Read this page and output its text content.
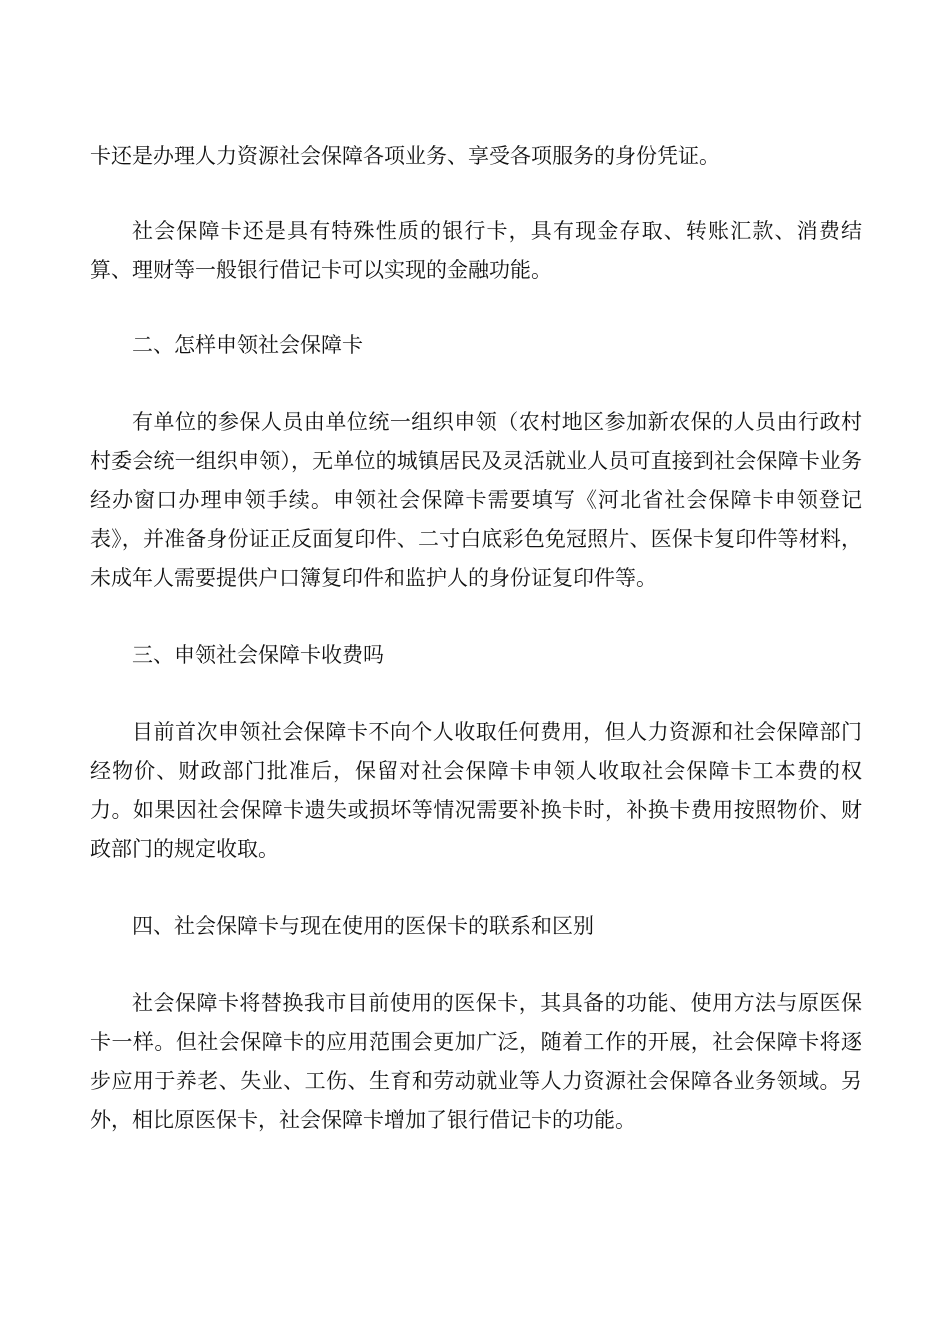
卡还是办理人力资源社会保障各项业务、享受各项服务的身份凭证。

社会保障卡还是具有特殊性质的银行卡，具有现金存取、转账汇款、消费结算、理财等一般银行借记卡可以实现的金融功能。

二、怎样申领社会保障卡

有单位的参保人员由单位统一组织申领（农村地区参加新农保的人员由行政村村委会统一组织申领），无单位的城镇居民及灵活就业人员可直接到社会保障卡业务经办窗口办理申领手续。申领社会保障卡需要填写《河北省社会保障卡申领登记表》，并准备身份证正反面复印件、二寸白底彩色免冠照片、医保卡复印件等材料，未成年人需要提供户口簿复印件和监护人的身份证复印件等。

三、申领社会保障卡收费吗

目前首次申领社会保障卡不向个人收取任何费用，但人力资源和社会保障部门经物价、财政部门批准后，保留对社会保障卡申领人收取社会保障卡工本费的权力。如果因社会保障卡遗失或损坏等情况需要补换卡时，补换卡费用按照物价、财政部门的规定收取。

四、社会保障卡与现在使用的医保卡的联系和区别

社会保障卡将替换我市目前使用的医保卡，其具备的功能、使用方法与原医保卡一样。但社会保障卡的应用范围会更加广泛，随着工作的开展，社会保障卡将逐步应用于养老、失业、工伤、生育和劳动就业等人力资源社会保障各业务领域。另外，相比原医保卡，社会保障卡增加了银行借记卡的功能。
